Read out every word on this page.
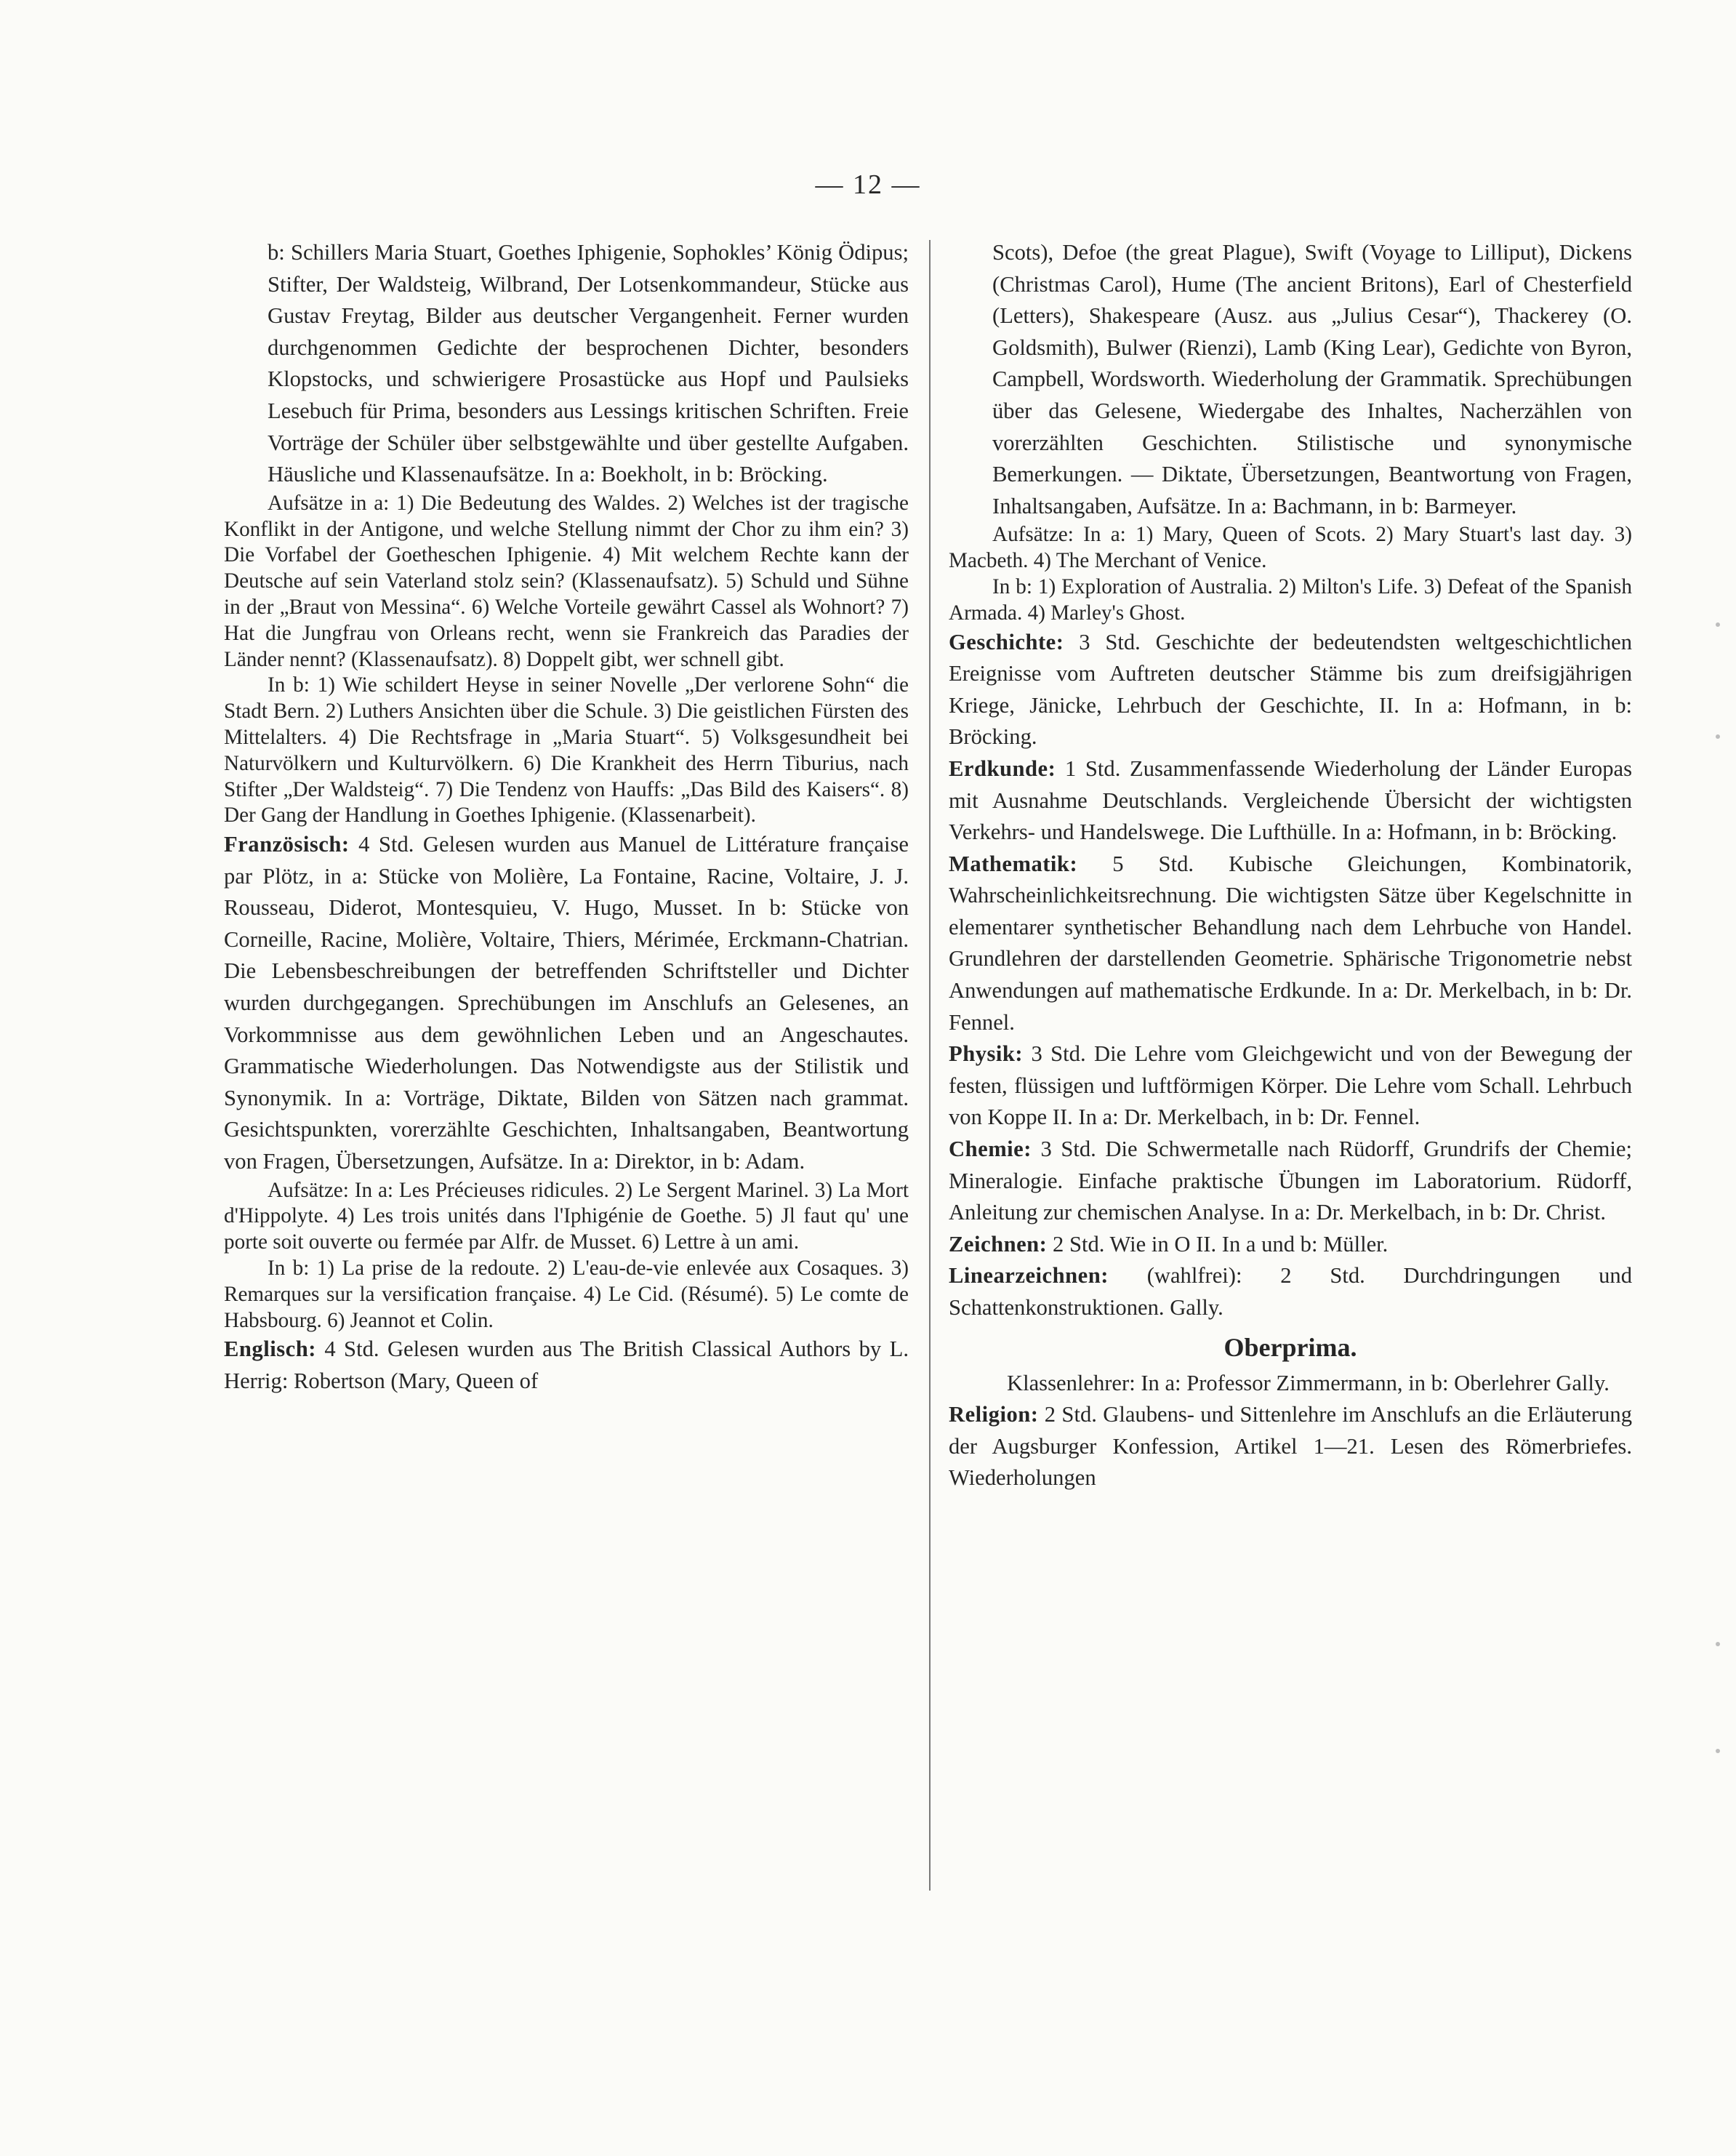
— 12 —

b: Schillers Maria Stuart, Goethes Iphigenie, Sophokles’ König Ödipus; Stifter, Der Waldsteig, Wilbrand, Der Lotsenkommandeur, Stücke aus Gustav Freytag, Bilder aus deutscher Vergangenheit. Ferner wurden durchgenommen Gedichte der besprochenen Dichter, besonders Klopstocks, und schwierigere Prosastücke aus Hopf und Paulsieks Lesebuch für Prima, besonders aus Lessings kritischen Schriften. Freie Vorträge der Schüler über selbstgewählte und über gestellte Aufgaben. Häusliche und Klassenaufsätze. In a: Boekholt, in b: Bröcking.

Aufsätze in a: 1) Die Bedeutung des Waldes. 2) Welches ist der tragische Konflikt in der Antigone, und welche Stellung nimmt der Chor zu ihm ein? 3) Die Vorfabel der Goetheschen Iphigenie. 4) Mit welchem Rechte kann der Deutsche auf sein Vaterland stolz sein? (Klassenaufsatz). 5) Schuld und Sühne in der „Braut von Messina“. 6) Welche Vorteile gewährt Cassel als Wohnort? 7) Hat die Jungfrau von Orleans recht, wenn sie Frankreich das Paradies der Länder nennt? (Klassenaufsatz). 8) Doppelt gibt, wer schnell gibt.

In b: 1) Wie schildert Heyse in seiner Novelle „Der verlorene Sohn“ die Stadt Bern. 2) Luthers Ansichten über die Schule. 3) Die geistlichen Fürsten des Mittelalters. 4) Die Rechtsfrage in „Maria Stuart“. 5) Volksgesundheit bei Naturvölkern und Kulturvölkern. 6) Die Krankheit des Herrn Tiburius, nach Stifter „Der Waldsteig“. 7) Die Tendenz von Hauffs: „Das Bild des Kaisers“. 8) Der Gang der Handlung in Goethes Iphigenie. (Klassenarbeit).

Französisch: 4 Std. Gelesen wurden aus Manuel de Littérature française par Plötz, in a: Stücke von Molière, La Fontaine, Racine, Voltaire, J. J. Rousseau, Diderot, Montesquieu, V. Hugo, Musset. In b: Stücke von Corneille, Racine, Molière, Voltaire, Thiers, Mérimée, Erckmann-Chatrian. Die Lebensbeschreibungen der betreffenden Schriftsteller und Dichter wurden durchgegangen. Sprechübungen im Anschlufs an Gelesenes, an Vorkommnisse aus dem gewöhnlichen Leben und an Angeschautes. Grammatische Wiederholungen. Das Notwendigste aus der Stilistik und Synonymik. In a: Vorträge, Diktate, Bilden von Sätzen nach grammat. Gesichtspunkten, vorerzählte Geschichten, Inhaltsangaben, Beantwortung von Fragen, Übersetzungen, Aufsätze. In a: Direktor, in b: Adam.

Aufsätze: In a: Les Précieuses ridicules. 2) Le Sergent Marinel. 3) La Mort d'Hippolyte. 4) Les trois unités dans l'Iphigénie de Goethe. 5) Jl faut qu' une porte soit ouverte ou fermée par Alfr. de Musset. 6) Lettre à un ami.

In b: 1) La prise de la redoute. 2) L'eau-de-vie enlevée aux Cosaques. 3) Remarques sur la versification française. 4) Le Cid. (Résumé). 5) Le comte de Habsbourg. 6) Jeannot et Colin.

Englisch: 4 Std. Gelesen wurden aus The British Classical Authors by L. Herrig: Robertson (Mary, Queen of

Scots), Defoe (the great Plague), Swift (Voyage to Lilliput), Dickens (Christmas Carol), Hume (The ancient Britons), Earl of Chesterfield (Letters), Shakespeare (Ausz. aus „Julius Cesar“), Thackerey (O. Goldsmith), Bulwer (Rienzi), Lamb (King Lear), Gedichte von Byron, Campbell, Wordsworth. Wiederholung der Grammatik. Sprechübungen über das Gelesene, Wiedergabe des Inhaltes, Nacherzählen von vorerzählten Geschichten. Stilistische und synonymische Bemerkungen. — Diktate, Übersetzungen, Beantwortung von Fragen, Inhaltsangaben, Aufsätze. In a: Bachmann, in b: Barmeyer.

Aufsätze: In a: 1) Mary, Queen of Scots. 2) Mary Stuart's last day. 3) Macbeth. 4) The Merchant of Venice.

In b: 1) Exploration of Australia. 2) Milton's Life. 3) Defeat of the Spanish Armada. 4) Marley's Ghost.

Geschichte: 3 Std. Geschichte der bedeutendsten weltgeschichtlichen Ereignisse vom Auftreten deutscher Stämme bis zum dreifsigjährigen Kriege, Jänicke, Lehrbuch der Geschichte, II. In a: Hofmann, in b: Bröcking.

Erdkunde: 1 Std. Zusammenfassende Wiederholung der Länder Europas mit Ausnahme Deutschlands. Vergleichende Übersicht der wichtigsten Verkehrs- und Handelswege. Die Lufthülle. In a: Hofmann, in b: Bröcking.

Mathematik: 5 Std. Kubische Gleichungen, Kombinatorik, Wahrscheinlichkeitsrechnung. Die wichtigsten Sätze über Kegelschnitte in elementarer synthetischer Behandlung nach dem Lehrbuche von Handel. Grundlehren der darstellenden Geometrie. Sphärische Trigonometrie nebst Anwendungen auf mathematische Erdkunde. In a: Dr. Merkelbach, in b: Dr. Fennel.

Physik: 3 Std. Die Lehre vom Gleichgewicht und von der Bewegung der festen, flüssigen und luftförmigen Körper. Die Lehre vom Schall. Lehrbuch von Koppe II. In a: Dr. Merkelbach, in b: Dr. Fennel.

Chemie: 3 Std. Die Schwermetalle nach Rüdorff, Grundrifs der Chemie; Mineralogie. Einfache praktische Übungen im Laboratorium. Rüdorff, Anleitung zur chemischen Analyse. In a: Dr. Merkelbach, in b: Dr. Christ.

Zeichnen: 2 Std. Wie in O II. In a und b: Müller.

Linearzeichnen: (wahlfrei): 2 Std. Durchdringungen und Schattenkonstruktionen. Gally.

Oberprima.

Klassenlehrer: In a: Professor Zimmermann, in b: Oberlehrer Gally.

Religion: 2 Std. Glaubens- und Sittenlehre im Anschlufs an die Erläuterung der Augsburger Konfession, Artikel 1—21. Lesen des Römerbriefes. Wiederholungen
